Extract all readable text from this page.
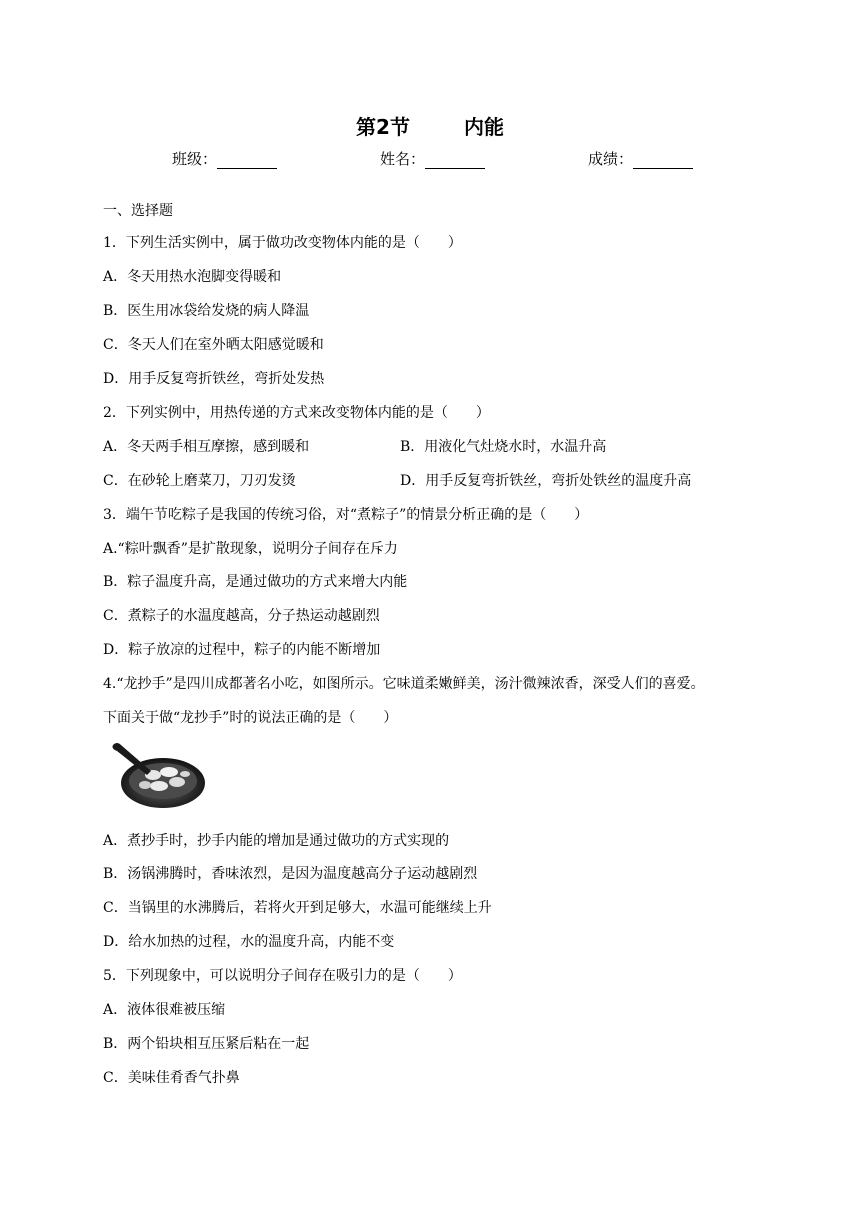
第2节	内能
班级：	姓名：	成绩：
一、选择题
1．下列生活实例中，属于做功改变物体内能的是（　　）
A．冬天用热水泡脚变得暖和
B．医生用冰袋给发烧的病人降温
C．冬天人们在室外晒太阳感觉暖和
D．用手反复弯折铁丝，弯折处发热
2．下列实例中，用热传递的方式来改变物体内能的是（　　）
A．冬天两手相互摩擦，感到暖和	B．用液化气灶烧水时，水温升高
C．在砂轮上磨菜刀，刀刃发烫	D．用手反复弯折铁丝，弯折处铁丝的温度升高
3．端午节吃粽子是我国的传统习俗，对“煮粽子”的情景分析正确的是（　　）
A.“粽叶飘香”是扩散现象，说明分子间存在斥力
B．粽子温度升高，是通过做功的方式来增大内能
C．煮粽子的水温度越高，分子热运动越剧烈
D．粽子放凉的过程中，粽子的内能不断增加
4.“龙抄手”是四川成都著名小吃，如图所示。它味道柔嫩鲜美，汤汁微辣浓香，深受人们的喜爱。
下面关于做“龙抄手”时的说法正确的是（　　）
A．煮抄手时，抄手内能的增加是通过做功的方式实现的
B．汤锅沸腾时，香味浓烈，是因为温度越高分子运动越剧烈
C．当锅里的水沸腾后，若将火开到足够大，水温可能继续上升
D．给水加热的过程，水的温度升高，内能不变
5．下列现象中，可以说明分子间存在吸引力的是（　　）
A．液体很难被压缩
B．两个铅块相互压紧后粘在一起
C．美味佳肴香气扑鼻
